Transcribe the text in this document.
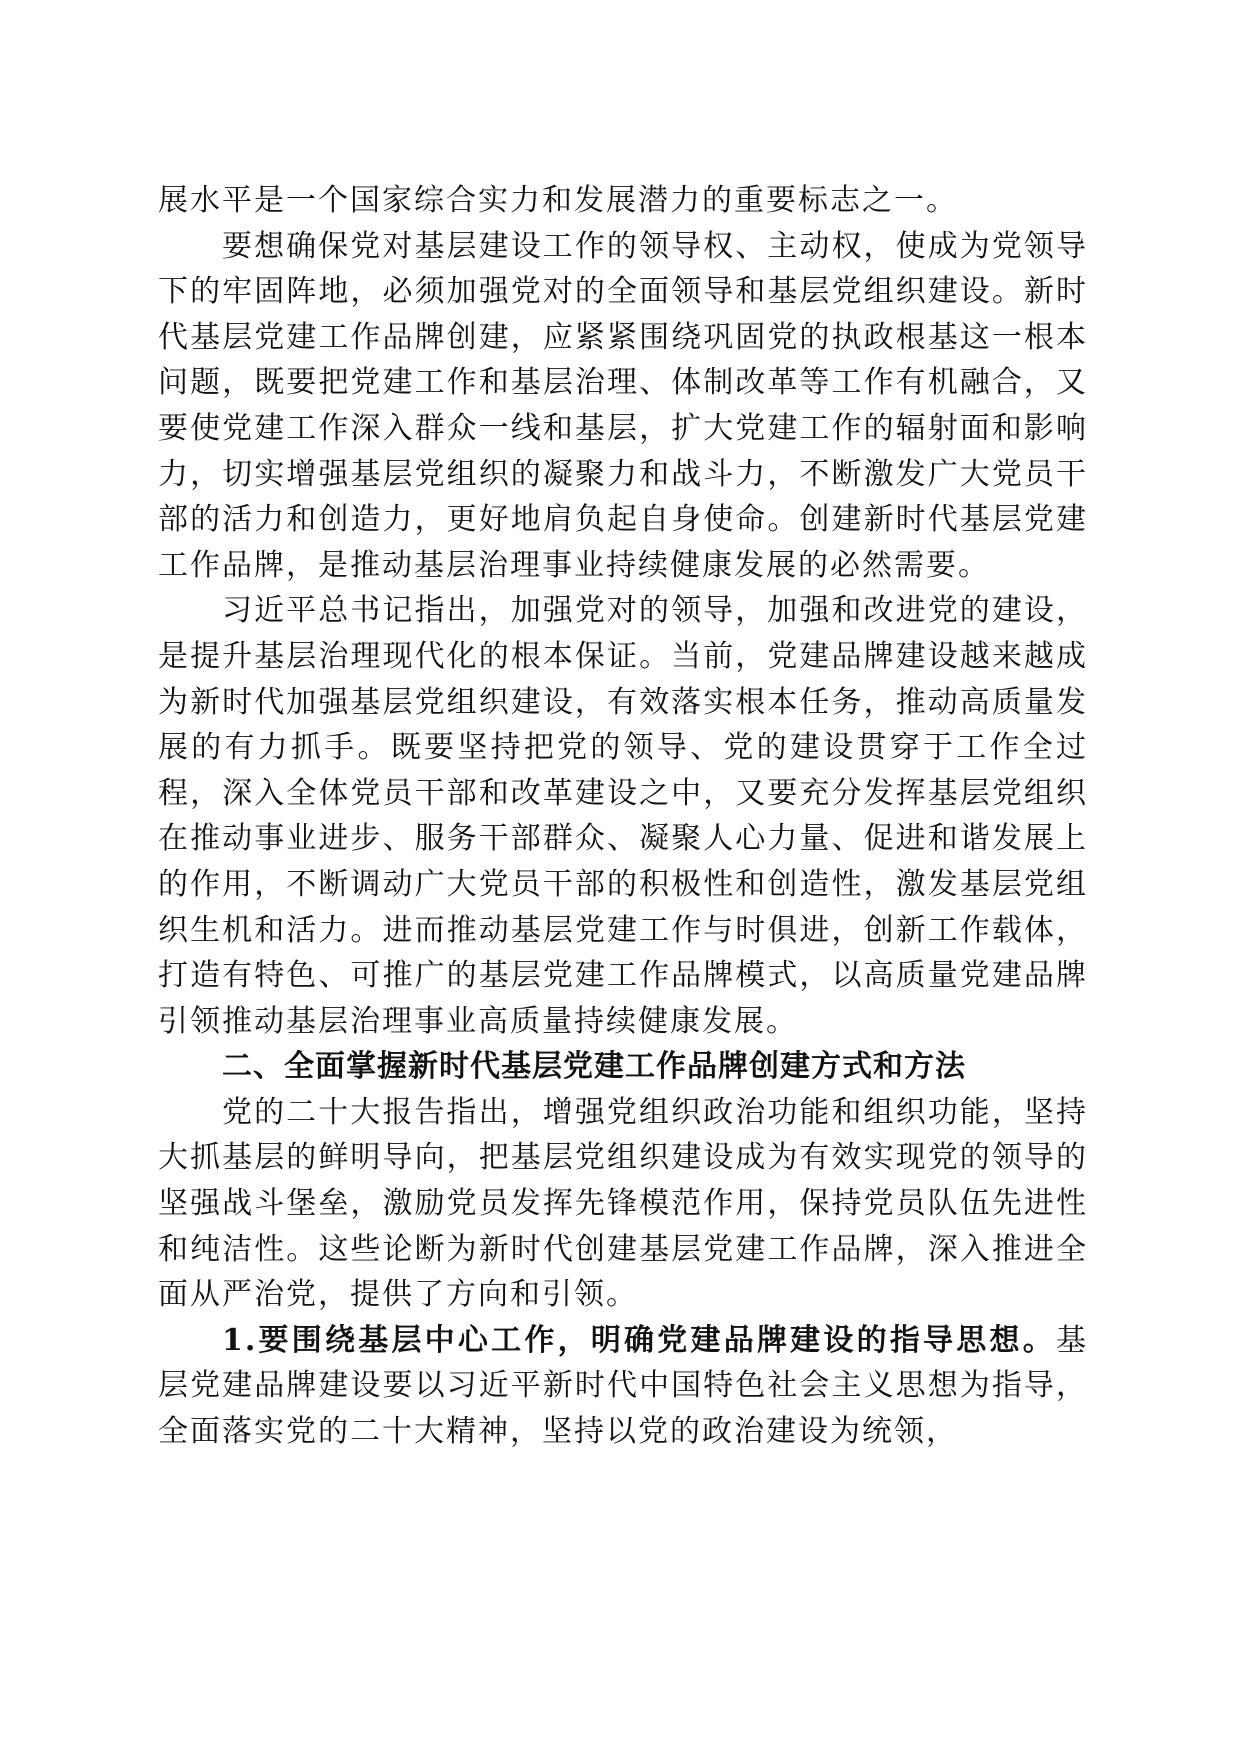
展水平是一个国家综合实力和发展潜力的重要标志之一。

要想确保党对基层建设工作的领导权、主动权，使成为党领导下的牢固阵地，必须加强党对的全面领导和基层党组织建设。新时代基层党建工作品牌创建，应紧紧围绕巩固党的执政根基这一根本问题，既要把党建工作和基层治理、体制改革等工作有机融合，又要使党建工作深入群众一线和基层，扩大党建工作的辐射面和影响力，切实增强基层党组织的凝聚力和战斗力，不断激发广大党员干部的活力和创造力，更好地肩负起自身使命。创建新时代基层党建工作品牌，是推动基层治理事业持续健康发展的必然需要。

习近平总书记指出，加强党对的领导，加强和改进党的建设，是提升基层治理现代化的根本保证。当前，党建品牌建设越来越成为新时代加强基层党组织建设，有效落实根本任务，推动高质量发展的有力抓手。既要坚持把党的领导、党的建设贯穿于工作全过程，深入全体党员干部和改革建设之中，又要充分发挥基层党组织在推动事业进步、服务干部群众、凝聚人心力量、促进和谐发展上的作用，不断调动广大党员干部的积极性和创造性，激发基层党组织生机和活力。进而推动基层党建工作与时俱进，创新工作载体，打造有特色、可推广的基层党建工作品牌模式，以高质量党建品牌引领推动基层治理事业高质量持续健康发展。

二、全面掌握新时代基层党建工作品牌创建方式和方法

党的二十大报告指出，增强党组织政治功能和组织功能，坚持大抓基层的鲜明导向，把基层党组织建设成为有效实现党的领导的坚强战斗堡垒，激励党员发挥先锋模范作用，保持党员队伍先进性和纯洁性。这些论断为新时代创建基层党建工作品牌，深入推进全面从严治党，提供了方向和引领。

1.要围绕基层中心工作，明确党建品牌建设的指导思想。基层党建品牌建设要以习近平新时代中国特色社会主义思想为指导，全面落实党的二十大精神，坚持以党的政治建设为统领，
